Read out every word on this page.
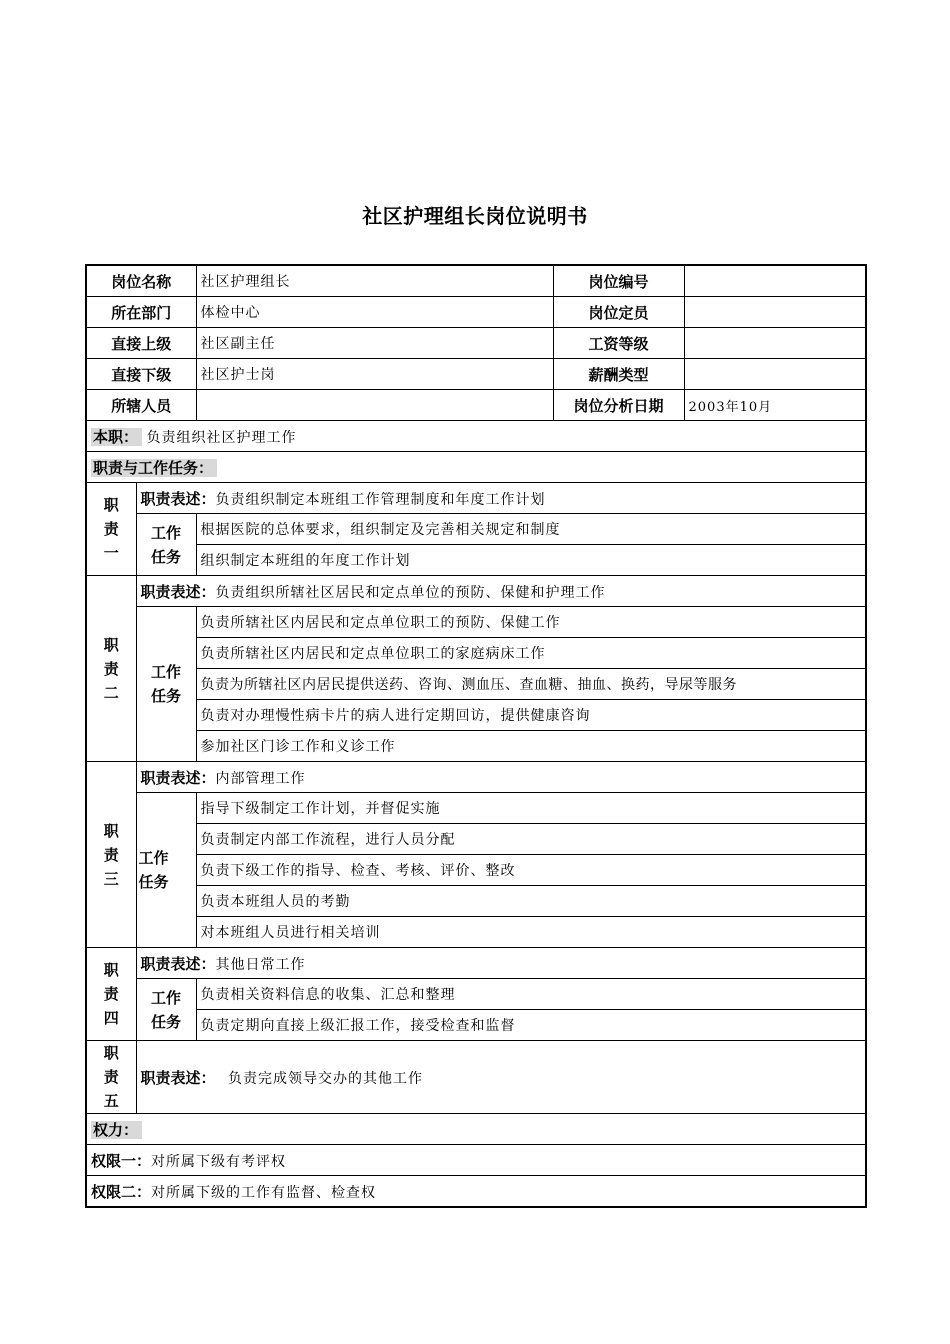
社区护理组长岗位说明书
岗位名称		社区护理组长	岗位编号	
所在部门		体检中心	岗位定员	
直接上级		社区副主任	工资等级	
直接下级		社区护士岗	薪酬类型	
所辖人员			岗位分析日期	2003年10月
本职： 负责组织社区护理工作				
职责与工作任务：				

职
责
一	职责表述：负责组织制定本班组工作管理制度和年度工作计划			

	工作
任务	根据医院的总体要求，组织制定及完善相关规定和制度		
		组织制定本班组的年度工作计划		

职
责
二	职责表述：负责组织所辖社区居民和定点单位的预防、保健和护理工作			

	工作
任务	负责所辖社区内居民和定点单位职工的预防、保健工作		
		负责所辖社区内居民和定点单位职工的家庭病床工作		
		负责为所辖社区内居民提供送药、咨询、测血压、查血糖、抽血、换药，导尿等服务		
		负责对办理慢性病卡片的病人进行定期回访，提供健康咨询		
		参加社区门诊工作和义诊工作		

职
责
三	职责表述：内部管理工作			

	工作
任务	指导下级制定工作计划，并督促实施		
		负责制定内部工作流程，进行人员分配		
		负责下级工作的指导、检查、考核、评价、整改		
		负责本班组人员的考勤		
		对本班组人员进行相关培训		

职
责
四	职责表述：其他日常工作			

	工作
任务	负责相关资料信息的收集、汇总和整理		
		负责定期向直接上级汇报工作，接受检查和监督		

职
责
五	职责表述： 负责完成领导交办的其他工作			
权力：				
权限一：对所属下级有考评权				
权限二：对所属下级的工作有监督、检查权				
